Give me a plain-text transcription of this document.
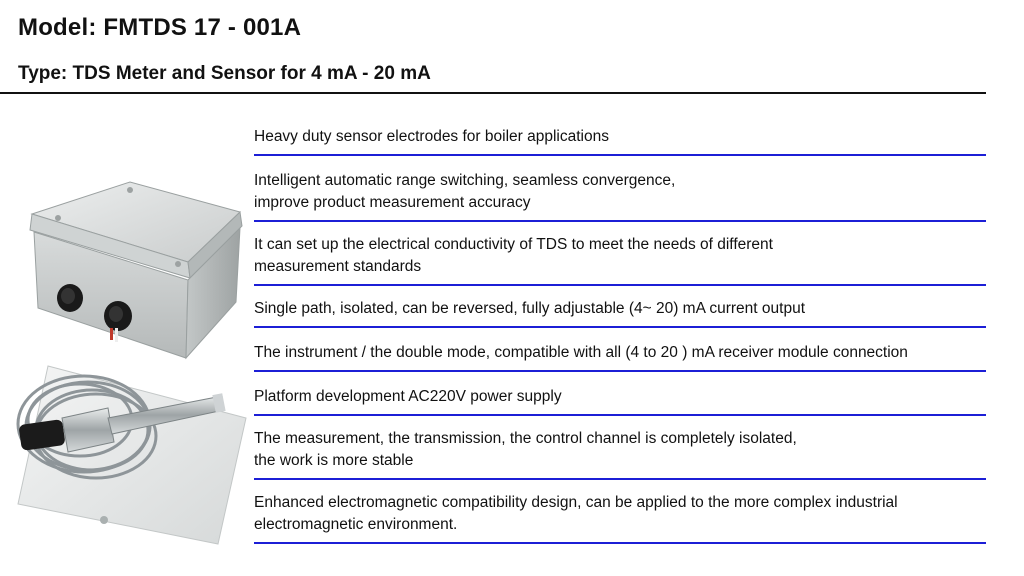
Model: FMTDS 17 - 001A
Type: TDS Meter and Sensor for 4 mA - 20 mA
Heavy duty sensor electrodes for boiler applications
Intelligent automatic range switching, seamless convergence,
improve product measurement accuracy
It can set up the electrical conductivity of TDS to meet the needs of different
measurement standards
Single path, isolated, can be reversed, fully adjustable (4~ 20) mA current output
The instrument / the double mode, compatible with all (4 to 20 ) mA receiver module connection
Platform development AC220V power supply
The measurement, the transmission, the control channel is completely isolated,
the work is more stable
Enhanced electromagnetic compatibility design, can be applied to the more complex industrial
electromagnetic environment.
